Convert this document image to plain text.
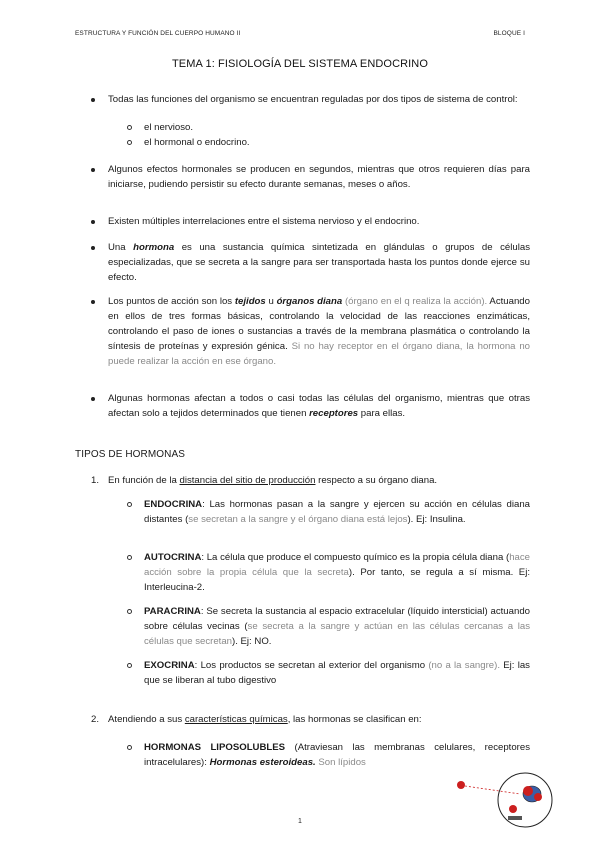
ESTRUCTURA Y FUNCIÓN DEL CUERPO HUMANO II	BLOQUE I
TEMA 1: FISIOLOGÍA DEL SISTEMA ENDOCRINO
Todas las funciones del organismo se encuentran reguladas por dos tipos de sistema de control:
el nervioso.
el hormonal o endocrino.
Algunos efectos hormonales se producen en segundos, mientras que otros requieren días para iniciarse, pudiendo persistir su efecto durante semanas, meses o años.
Existen múltiples interrelaciones entre el sistema nervioso y el endocrino.
Una hormona es una sustancia química sintetizada en glándulas o grupos de células especializadas, que se secreta a la sangre para ser transportada hasta los puntos donde ejerce su efecto.
Los puntos de acción son los tejidos u órganos diana (órgano en el q realiza la acción). Actuando en ellos de tres formas básicas, controlando la velocidad de las reacciones enzimáticas, controlando el paso de iones o sustancias a través de la membrana plasmática o controlando la síntesis de proteínas y expresión génica. Si no hay receptor en el órgano diana, la hormona no puede realizar la acción en ese órgano.
Algunas hormonas afectan a todos o casi todas las células del organismo, mientras que otras afectan solo a tejidos determinados que tienen receptores para ellas.
TIPOS DE HORMONAS
1. En función de la distancia del sitio de producción respecto a su órgano diana.
ENDOCRINA: Las hormonas pasan a la sangre y ejercen su acción en células diana distantes (se secretan a la sangre y el órgano diana está lejos). Ej: Insulina.
AUTOCRINA: La célula que produce el compuesto químico es la propia célula diana (hace acción sobre la propia célula que la secreta). Por tanto, se regula a sí misma. Ej: Interleucina-2.
PARACRINA: Se secreta la sustancia al espacio extracelular (líquido intersticial) actuando sobre células vecinas (se secreta a la sangre y actúan en las células cercanas a las células que secretan). Ej: NO.
EXOCRINA: Los productos se secretan al exterior del organismo (no a la sangre). Ej: las que se liberan al tubo digestivo
2. Atendiendo a sus características químicas, las hormonas se clasifican en:
HORMONAS LIPOSOLUBLES (Atraviesan las membranas celulares, receptores intracelulares): Hormonas esteroideas. Son lípidos
1
